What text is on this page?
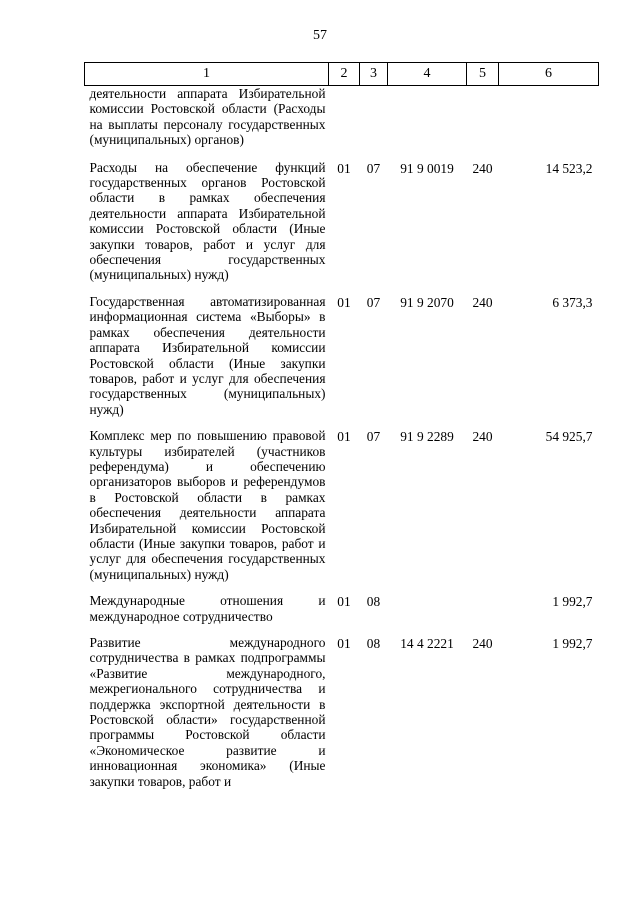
57
1	2	3	4	5	6
деятельности аппарата Избирательной комиссии Ростовской области (Расходы на выплаты персоналу государственных (муниципальных) органов)					
Расходы на обеспечение функций государственных органов Ростовской области в рамках обеспечения деятельности аппарата Избирательной комиссии Ростовской области (Иные закупки товаров, работ и услуг для обеспечения государственных (муниципальных) нужд)	01	07	91 9 0019	240	14 523,2
Государственная автоматизированная информационная система «Выборы» в рамках обеспечения деятельности аппарата Избирательной комиссии Ростовской области (Иные закупки товаров, работ и услуг для обеспечения государственных (муниципальных) нужд)	01	07	91 9 2070	240	6 373,3
Комплекс мер по повышению правовой культуры избирателей (участников референдума) и обеспечению организаторов выборов и референдумов в Ростовской области в рамках обеспечения деятельности аппарата Избирательной комиссии Ростовской области (Иные закупки товаров, работ и услуг для обеспечения государственных (муниципальных) нужд)	01	07	91 9 2289	240	54 925,7
Международные отношения и международное сотрудничество	01	08			1 992,7
Развитие международного сотрудничества в рамках подпрограммы «Развитие международного, межрегионального сотрудничества и поддержка экспортной деятельности в Ростовской области» государственной программы Ростовской области «Экономическое развитие и инновационная экономика» (Иные закупки товаров, работ и	01	08	14 4 2221	240	1 992,7
